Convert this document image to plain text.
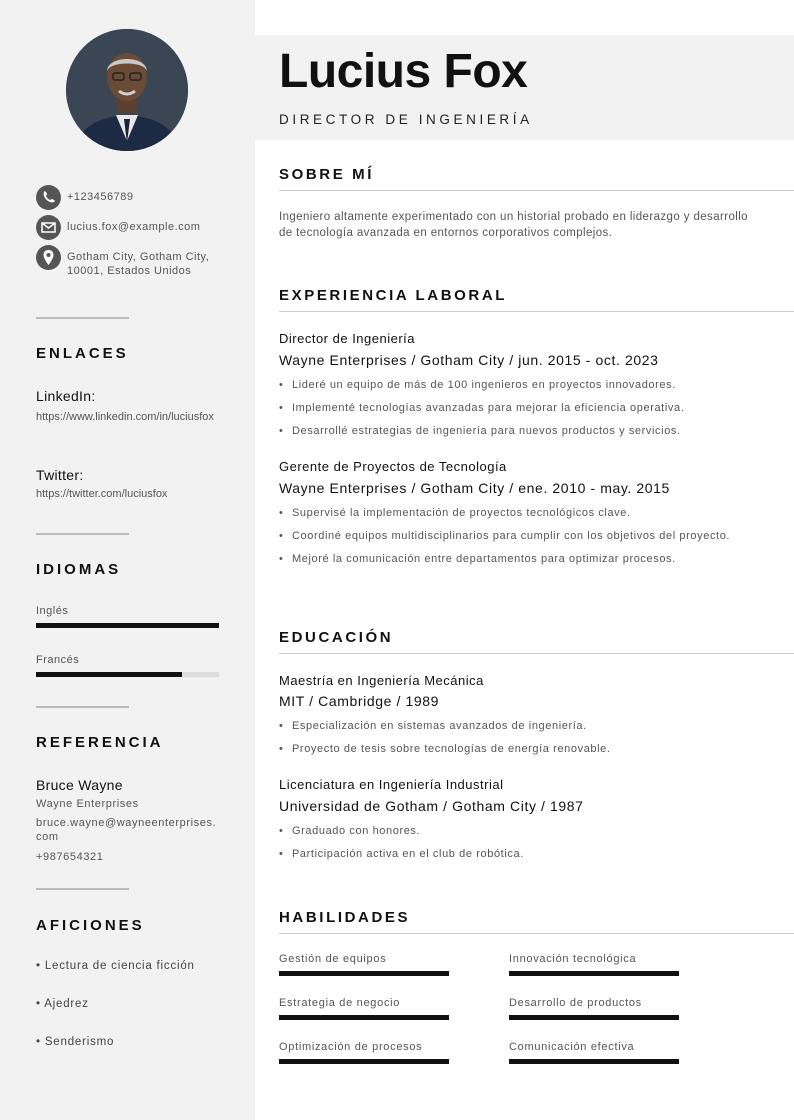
+123456789
lucius.fox@example.com
Gotham City, Gotham City, 10001, Estados Unidos
ENLACES
LinkedIn:
https://www.linkedin.com/in/luciusfox
Twitter:
https://twitter.com/luciusfox
IDIOMAS
Inglés
Francés
REFERENCIA
Bruce Wayne
Wayne Enterprises
bruce.wayne@wayneenterprises.com
+987654321
AFICIONES
• Lectura de ciencia ficción
• Ajedrez
• Senderismo
Lucius Fox
DIRECTOR DE INGENIERÍA
SOBRE MÍ
Ingeniero altamente experimentado con un historial probado en liderazgo y desarrollo de tecnología avanzada en entornos corporativos complejos.
EXPERIENCIA LABORAL
Director de Ingeniería
Wayne Enterprises / Gotham City / jun. 2015 - oct. 2023
• Lideré un equipo de más de 100 ingenieros en proyectos innovadores.
• Implementé tecnologías avanzadas para mejorar la eficiencia operativa.
• Desarrollé estrategias de ingeniería para nuevos productos y servicios.
Gerente de Proyectos de Tecnología
Wayne Enterprises / Gotham City / ene. 2010 - may. 2015
• Supervisé la implementación de proyectos tecnológicos clave.
• Coordiné equipos multidisciplinarios para cumplir con los objetivos del proyecto.
• Mejoré la comunicación entre departamentos para optimizar procesos.
EDUCACIÓN
Maestría en Ingeniería Mecánica
MIT / Cambridge / 1989
• Especialización en sistemas avanzados de ingeniería.
• Proyecto de tesis sobre tecnologías de energía renovable.
Licenciatura en Ingeniería Industrial
Universidad de Gotham / Gotham City / 1987
• Graduado con honores.
• Participación activa en el club de robótica.
HABILIDADES
Gestión de equipos	Innovación tecnológica
Estrategia de negocio	Desarrollo de productos
Optimización de procesos	Comunicación efectiva
